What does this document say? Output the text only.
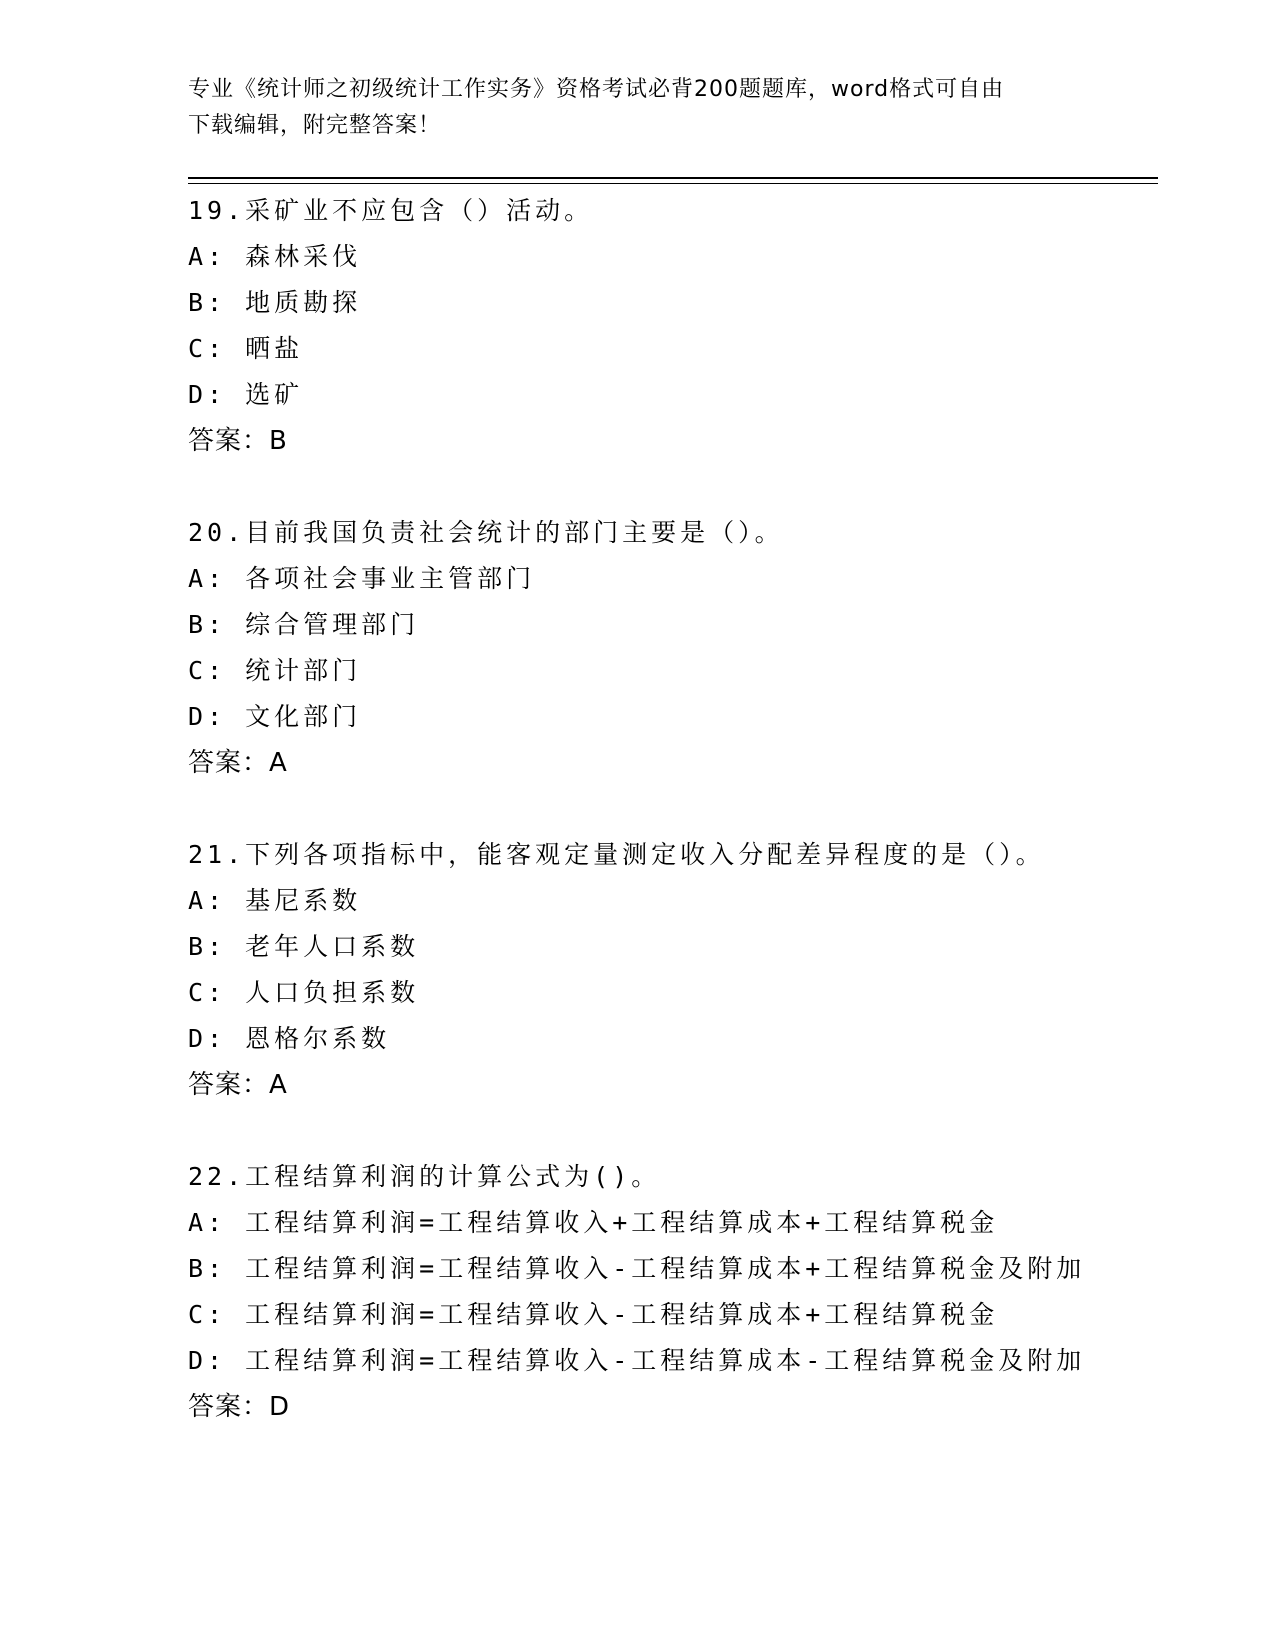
专业《统计师之初级统计工作实务》资格考试必背200题题库，word格式可自由
下载编辑，附完整答案！
19.采矿业不应包含（）活动。
A: 森林采伐
B: 地质勘探
C: 晒盐
D: 选矿
答案：B
20.目前我国负责社会统计的部门主要是（）。
A: 各项社会事业主管部门
B: 综合管理部门
C: 统计部门
D: 文化部门
答案：A
21.下列各项指标中，能客观定量测定收入分配差异程度的是（）。
A: 基尼系数
B: 老年人口系数
C: 人口负担系数
D: 恩格尔系数
答案：A
22.工程结算利润的计算公式为()。
A: 工程结算利润=工程结算收入+工程结算成本+工程结算税金
B: 工程结算利润=工程结算收入-工程结算成本+工程结算税金及附加
C: 工程结算利润=工程结算收入-工程结算成本+工程结算税金
D: 工程结算利润=工程结算收入-工程结算成本-工程结算税金及附加
答案：D
